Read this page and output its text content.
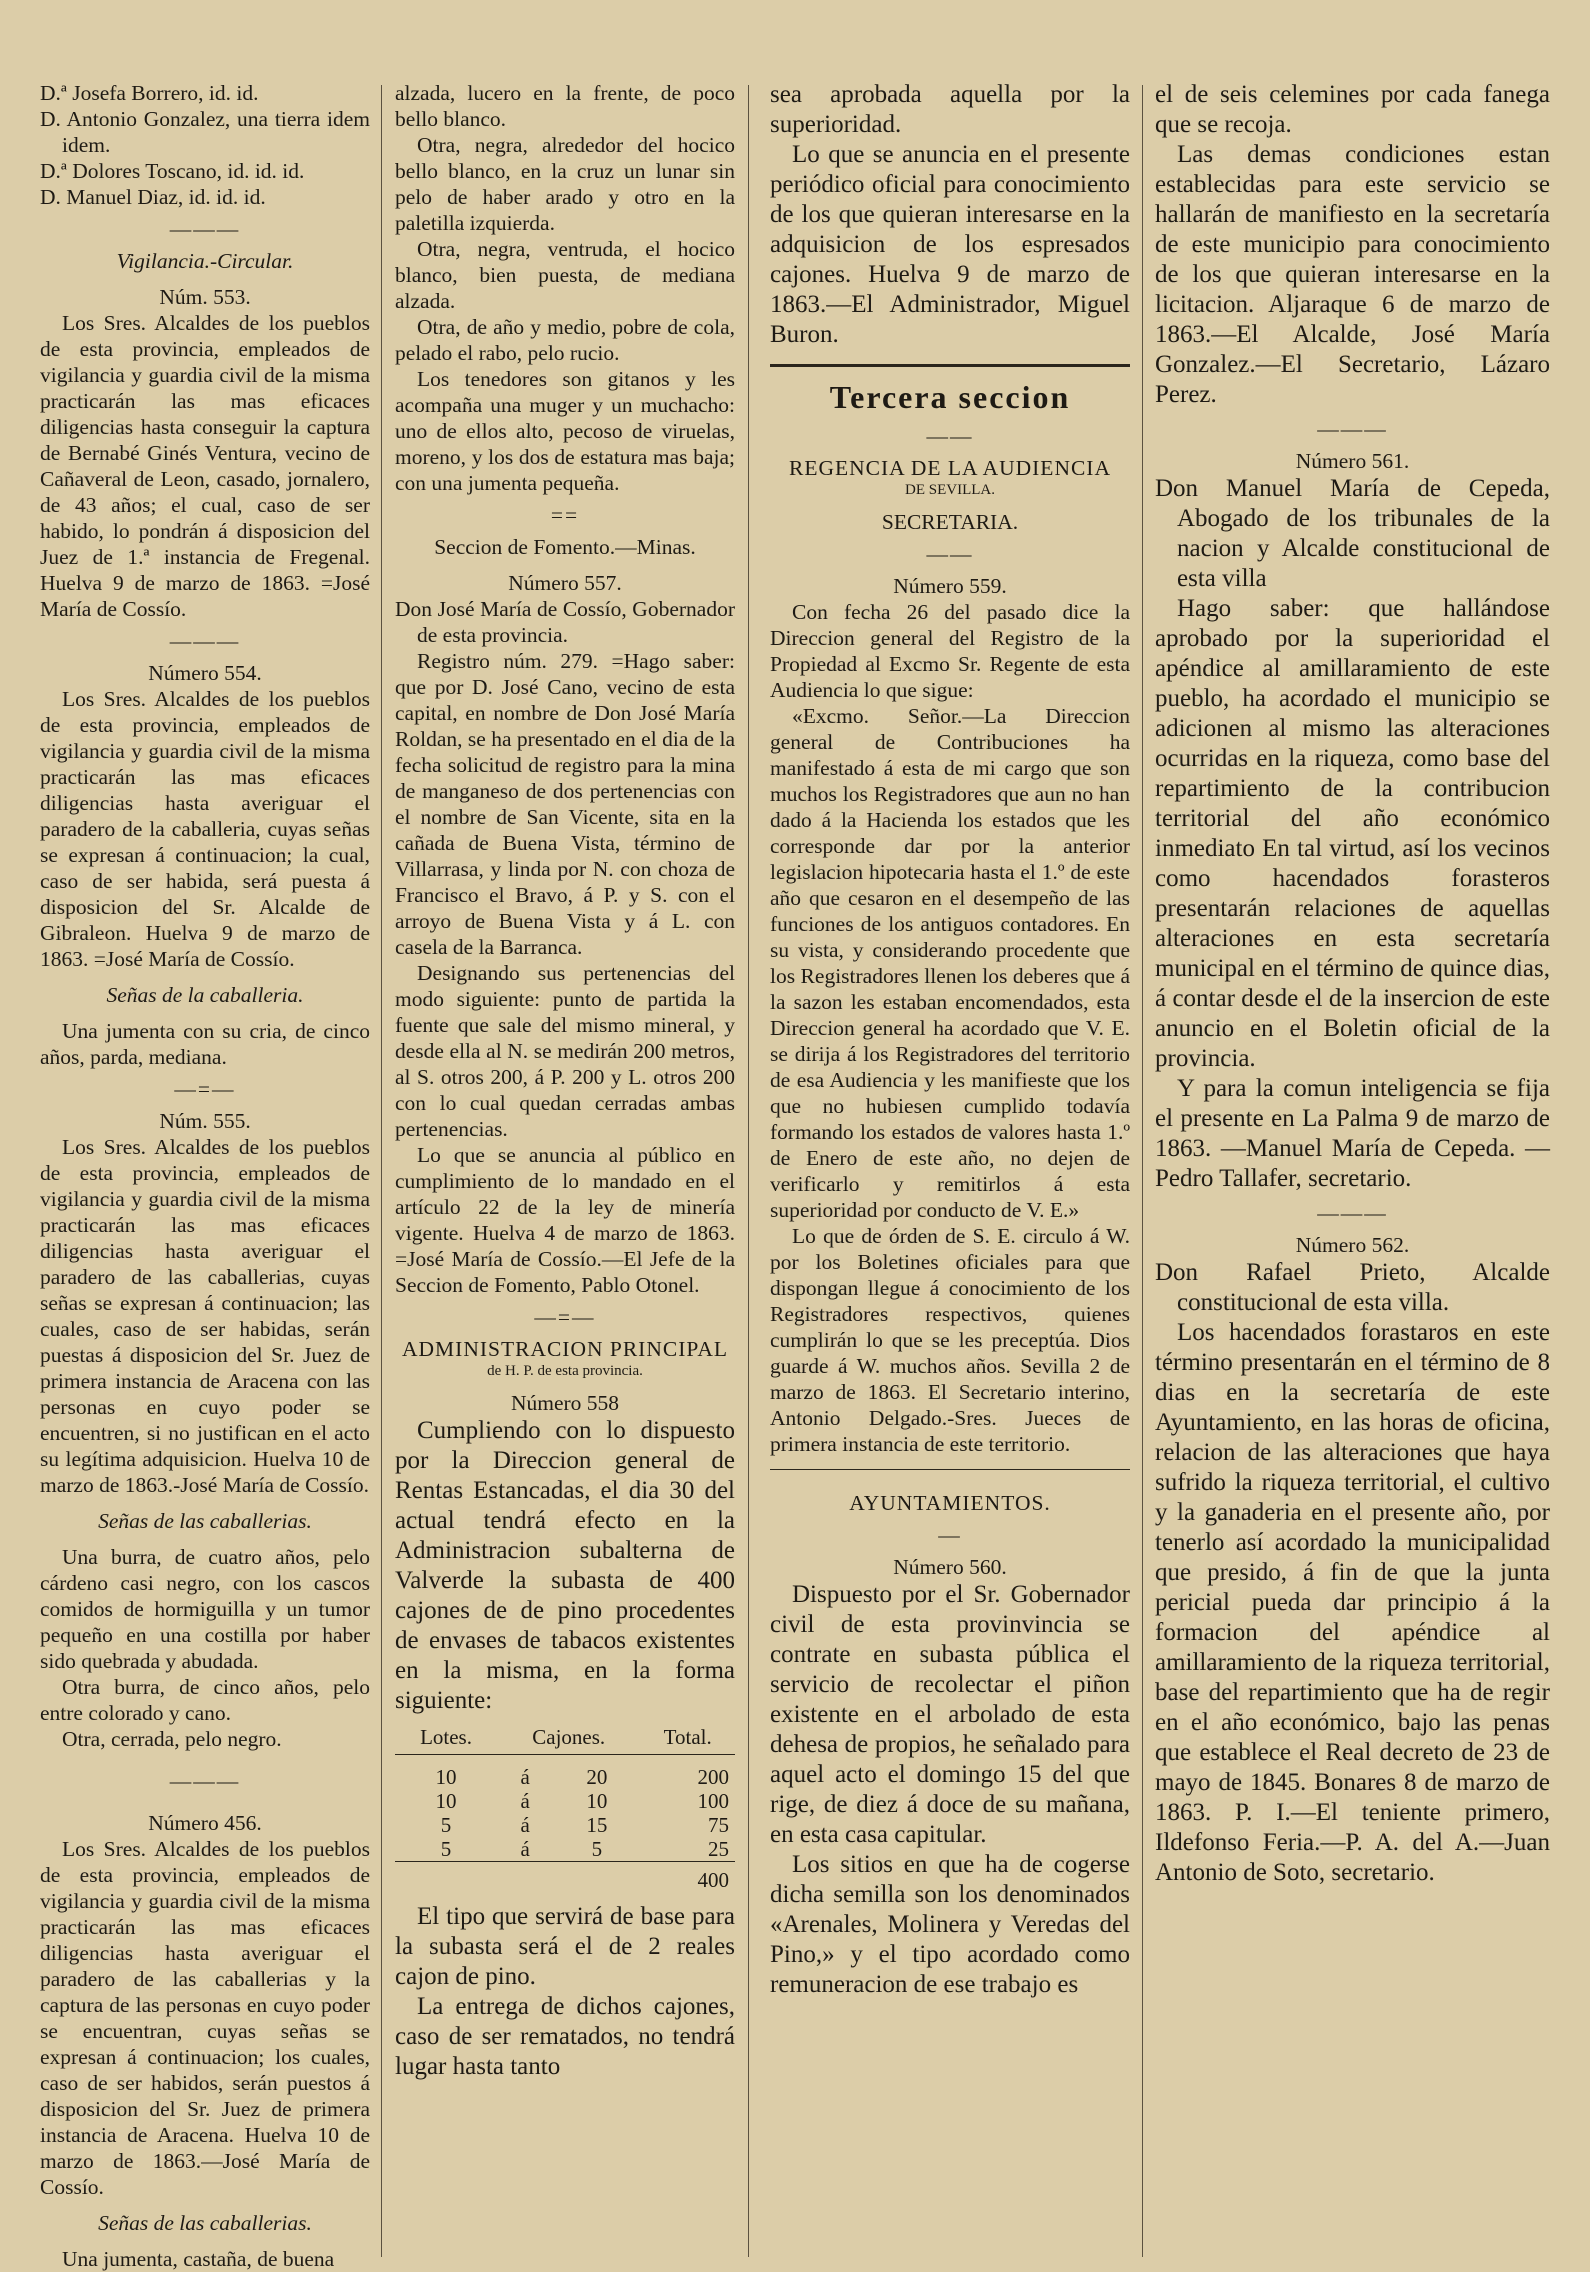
D.ª Josefa Borrero, id. id.

D. Antonio Gonzalez, una tierra idem idem.

D.ª Dolores Toscano, id. id. id.

D. Manuel Diaz, id. id. id.

———

Vigilancia.-Circular.

Núm. 553.

Los Sres. Alcaldes de los pueblos de esta provincia, empleados de vigilancia y guardia civil de la misma practicarán las mas eficaces diligencias hasta conseguir la captura de Bernabé Ginés Ventura, vecino de Cañaveral de Leon, casado, jornalero, de 43 años; el cual, caso de ser habido, lo pondrán á disposicion del Juez de 1.ª instancia de Fregenal. Huelva 9 de marzo de 1863. =José María de Cossío.

———

Número 554.

Los Sres. Alcaldes de los pueblos de esta provincia, empleados de vigilancia y guardia civil de la misma practicarán las mas eficaces diligencias hasta averiguar el paradero de la caballeria, cuyas señas se expresan á continuacion; la cual, caso de ser habida, será puesta á disposicion del Sr. Alcalde de Gibraleon. Huelva 9 de marzo de 1863. =José María de Cossío.

Señas de la caballeria.

Una jumenta con su cria, de cinco años, parda, mediana.

—=—

Núm. 555.

Los Sres. Alcaldes de los pueblos de esta provincia, empleados de vigilancia y guardia civil de la misma practicarán las mas eficaces diligencias hasta averiguar el paradero de las caballerias, cuyas señas se expresan á continuacion; las cuales, caso de ser habidas, serán puestas á disposicion del Sr. Juez de primera instancia de Aracena con las personas en cuyo poder se encuentren, si no justifican en el acto su legítima adquisicion. Huelva 10 de marzo de 1863.-José María de Cossío.

Señas de las caballerias.

Una burra, de cuatro años, pelo cárdeno casi negro, con los cascos comidos de hormiguilla y un tumor pequeño en una costilla por haber sido quebrada y abudada.

Otra burra, de cinco años, pelo entre colorado y cano.

Otra, cerrada, pelo negro.

———

Número 456.

Los Sres. Alcaldes de los pueblos de esta provincia, empleados de vigilancia y guardia civil de la misma practicarán las mas eficaces diligencias hasta averiguar el paradero de las caballerias y la captura de las personas en cuyo poder se encuentran, cuyas señas se expresan á continuacion; los cuales, caso de ser habidos, serán puestos á disposicion del Sr. Juez de primera instancia de Aracena. Huelva 10 de marzo de 1863.—José María de Cossío.

Señas de las caballerias.

Una jumenta, castaña, de buena

alzada, lucero en la frente, de poco bello blanco.

Otra, negra, alrededor del hocico bello blanco, en la cruz un lunar sin pelo de haber arado y otro en la paletilla izquierda.

Otra, negra, ventruda, el hocico blanco, bien puesta, de mediana alzada.

Otra, de año y medio, pobre de cola, pelado el rabo, pelo rucio.

Los tenedores son gitanos y les acompaña una muger y un muchacho: uno de ellos alto, pecoso de viruelas, moreno, y los dos de estatura mas baja; con una jumenta pequeña.

==

Seccion de Fomento.—Minas.

Número 557.

Don José María de Cossío, Gobernador de esta provincia.

Registro núm. 279. =Hago saber: que por D. José Cano, vecino de esta capital, en nombre de Don José María Roldan, se ha presentado en el dia de la fecha solicitud de registro para la mina de manganeso de dos pertenencias con el nombre de San Vicente, sita en la cañada de Buena Vista, término de Villarrasa, y linda por N. con choza de Francisco el Bravo, á P. y S. con el arroyo de Buena Vista y á L. con casela de la Barranca.

Designando sus pertenencias del modo siguiente: punto de partida la fuente que sale del mismo mineral, y desde ella al N. se medirán 200 metros, al S. otros 200, á P. 200 y L. otros 200 con lo cual quedan cerradas ambas pertenencias.

Lo que se anuncia al público en cumplimiento de lo mandado en el artículo 22 de la ley de minería vigente. Huelva 4 de marzo de 1863. =José María de Cossío.—El Jefe de la Seccion de Fomento, Pablo Otonel.

—=—

ADMINISTRACION PRINCIPAL

de H. P. de esta provincia.

Número 558

Cumpliendo con lo dispuesto por la Direccion general de Rentas Estancadas, el dia 30 del actual tendrá efecto en la Administracion subalterna de Valverde la subasta de 400 cajones de de pino procedentes de envases de tabacos existentes en la misma, en la forma siguiente:

Lotes.	Cajones.		Total.

10	á	20	200
10	á	10	100
5	á	15	75
5	á	5	25
			400

El tipo que servirá de base para la subasta será el de 2 reales cajon de pino.

La entrega de dichos cajones, caso de ser rematados, no tendrá lugar hasta tanto

sea aprobada aquella por la superioridad.

Lo que se anuncia en el presente periódico oficial para conocimiento de los que quieran interesarse en la adquisicion de los espresados cajones. Huelva 9 de marzo de 1863.—El Administrador, Miguel Buron.

Tercera seccion

——

REGENCIA DE LA AUDIENCIA

DE SEVILLA.

SECRETARIA.

——

Número 559.

Con fecha 26 del pasado dice la Direccion general del Registro de la Propiedad al Excmo Sr. Regente de esta Audiencia lo que sigue:

«Excmo. Señor.—La Direccion general de Contribuciones ha manifestado á esta de mi cargo que son muchos los Registradores que aun no han dado á la Hacienda los estados que les corresponde dar por la anterior legislacion hipotecaria hasta el 1.º de este año que cesaron en el desempeño de las funciones de los antiguos contadores. En su vista, y considerando procedente que los Registradores llenen los deberes que á la sazon les estaban encomendados, esta Direccion general ha acordado que V. E. se dirija á los Registradores del territorio de esa Audiencia y les manifieste que los que no hubiesen cumplido todavía formando los estados de valores hasta 1.º de Enero de este año, no dejen de verificarlo y remitirlos á esta superioridad por conducto de V. E.»

Lo que de órden de S. E. circulo á W. por los Boletines oficiales para que dispongan llegue á conocimiento de los Registradores respectivos, quienes cumplirán lo que se les preceptúa. Dios guarde á W. muchos años. Sevilla 2 de marzo de 1863. El Secretario interino, Antonio Delgado.-Sres. Jueces de primera instancia de este territorio.

AYUNTAMIENTOS.

—

Número 560.

Dispuesto por el Sr. Gobernador civil de esta provinvincia se contrate en subasta pública el servicio de recolectar el piñon existente en el arbolado de esta dehesa de propios, he señalado para aquel acto el domingo 15 del que rige, de diez á doce de su mañana, en esta casa capitular.

Los sitios en que ha de cogerse dicha semilla son los denominados «Arenales, Molinera y Veredas del Pino,» y el tipo acordado como remuneracion de ese trabajo es

el de seis celemines por cada fanega que se recoja.

Las demas condiciones estan establecidas para este servicio se hallarán de manifiesto en la secretaría de este municipio para conocimiento de los que quieran interesarse en la licitacion. Aljaraque 6 de marzo de 1863.—El Alcalde, José María Gonzalez.—El Secretario, Lázaro Perez.

———

Número 561.

Don Manuel María de Cepeda, Abogado de los tribunales de la nacion y Alcalde constitucional de esta villa

Hago saber: que hallándose aprobado por la superioridad el apéndice al amillaramiento de este pueblo, ha acordado el municipio se adicionen al mismo las alteraciones ocurridas en la riqueza, como base del repartimiento de la contribucion territorial del año económico inmediato En tal virtud, así los vecinos como hacendados forasteros presentarán relaciones de aquellas alteraciones en esta secretaría municipal en el término de quince dias, á contar desde el de la insercion de este anuncio en el Boletin oficial de la provincia.

Y para la comun inteligencia se fija el presente en La Palma 9 de marzo de 1863. —Manuel María de Cepeda. —Pedro Tallafer, secretario.

———

Número 562.

Don Rafael Prieto, Alcalde constitucional de esta villa.

Los hacendados forastaros en este término presentarán en el término de 8 dias en la secretaría de este Ayuntamiento, en las horas de oficina, relacion de las alteraciones que haya sufrido la riqueza territorial, el cultivo y la ganaderia en el presente año, por tenerlo así acordado la municipalidad que presido, á fin de que la junta pericial pueda dar principio á la formacion del apéndice al amillaramiento de la riqueza territorial, base del repartimiento que ha de regir en el año económico, bajo las penas que establece el Real decreto de 23 de mayo de 1845. Bonares 8 de marzo de 1863. P. I.—El teniente primero, Ildefonso Feria.—P. A. del A.—Juan Antonio de Soto, secretario.
